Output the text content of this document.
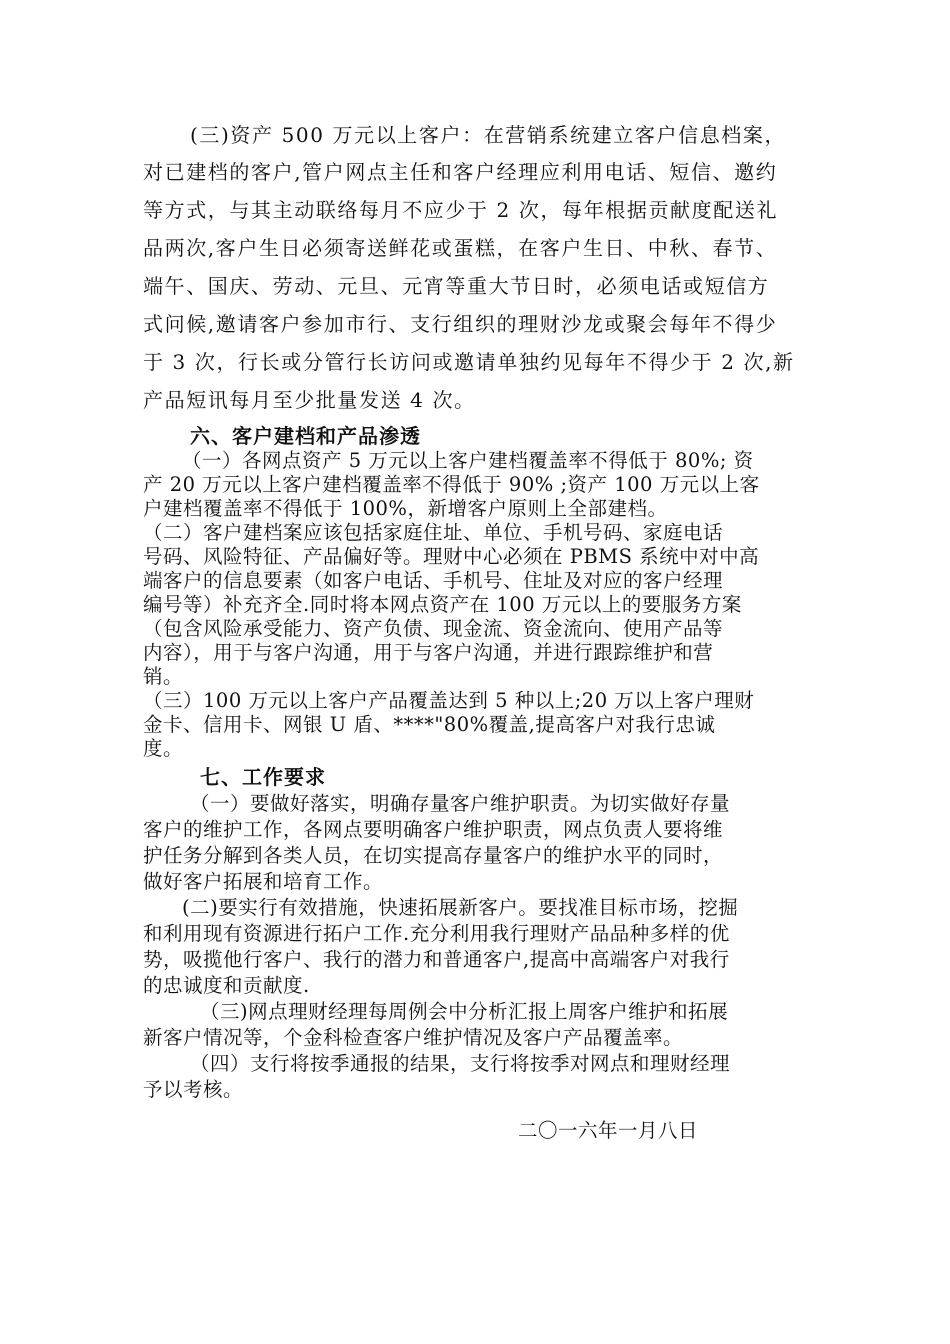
(三)资产 500 万元以上客户：在营销系统建立客户信息档案，
对已建档的客户,管户网点主任和客户经理应利用电话、短信、邀约
等方式，与其主动联络每月不应少于 2 次，每年根据贡献度配送礼
品两次,客户生日必须寄送鲜花或蛋糕，在客户生日、中秋、春节、
端午、国庆、劳动、元旦、元宵等重大节日时，必须电话或短信方
式问候,邀请客户参加市行、支行组织的理财沙龙或聚会每年不得少
于 3 次，行长或分管行长访问或邀请单独约见每年不得少于 2 次,新
产品短讯每月至少批量发送 4 次。
六、客户建档和产品渗透
（一）各网点资产 5 万元以上客户建档覆盖率不得低于 80%; 资
产 20 万元以上客户建档覆盖率不得低于 90% ;资产 100 万元以上客
户建档覆盖率不得低于 100%，新增客户原则上全部建档。
（二）客户建档案应该包括家庭住址、单位、手机号码、家庭电话
号码、风险特征、产品偏好等。理财中心必须在 PBMS 系统中对中高
端客户的信息要素（如客户电话、手机号、住址及对应的客户经理
编号等）补充齐全.同时将本网点资产在 100 万元以上的要服务方案
（包含风险承受能力、资产负债、现金流、资金流向、使用产品等
内容），用于与客户沟通，用于与客户沟通，并进行跟踪维护和营
销。
（三）100 万元以上客户产品覆盖达到 5 种以上;20 万以上客户理财
金卡、信用卡、网银 U 盾、****"80%覆盖,提高客户对我行忠诚
度。
七、工作要求
（一）要做好落实，明确存量客户维护职责。为切实做好存量
客户的维护工作，各网点要明确客户维护职责，网点负责人要将维
护任务分解到各类人员，在切实提高存量客户的维护水平的同时，
做好客户拓展和培育工作。
(二)要实行有效措施，快速拓展新客户。要找准目标市场，挖掘
和利用现有资源进行拓户工作.充分利用我行理财产品品种多样的优
势，吸揽他行客户、我行的潜力和普通客户,提高中高端客户对我行
的忠诚度和贡献度.
（三)网点理财经理每周例会中分析汇报上周客户维护和拓展
新客户情况等，个金科检查客户维护情况及客户产品覆盖率。
（四）支行将按季通报的结果，支行将按季对网点和理财经理
予以考核。
二〇一六年一月八日
